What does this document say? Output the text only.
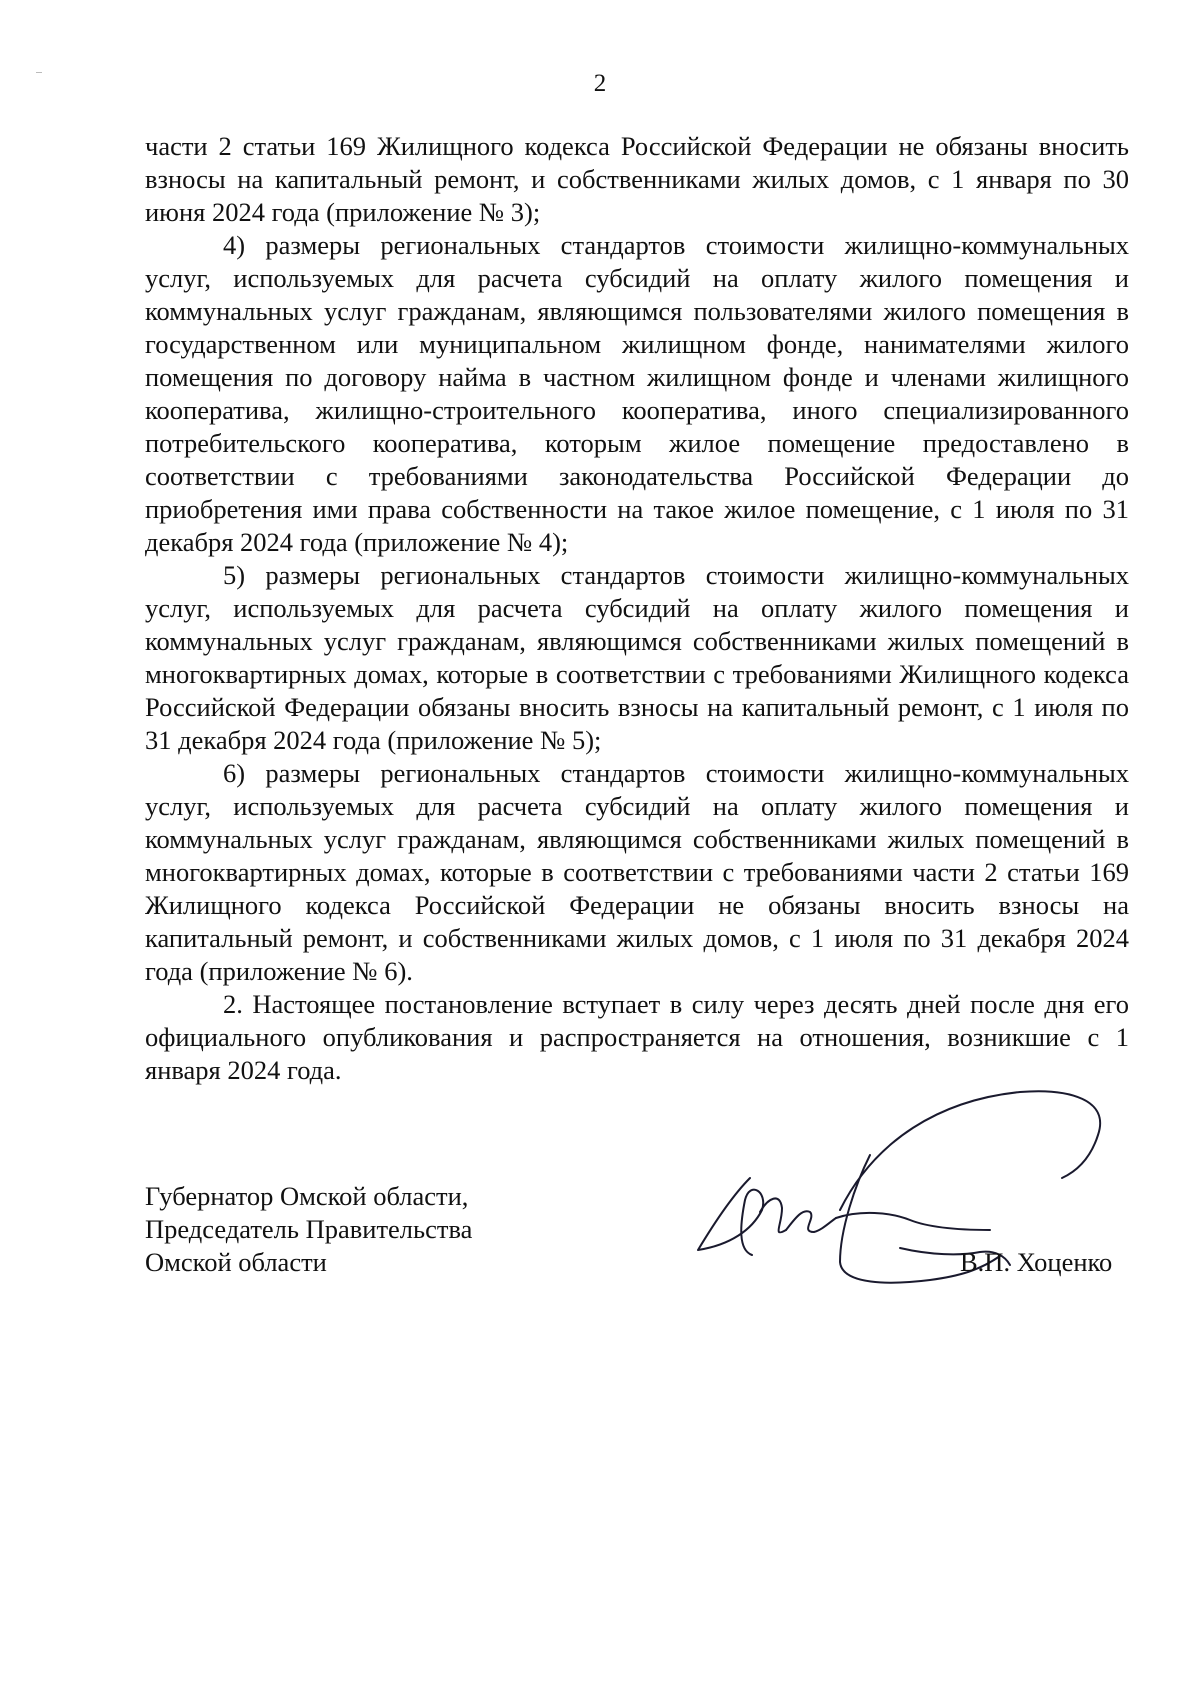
2

части 2 статьи 169 Жилищного кодекса Российской Федерации не обязаны вносить взносы на капитальный ремонт, и собственниками жилых домов, с 1 января по 30 июня 2024 года (приложение № 3);

4) размеры региональных стандартов стоимости жилищно-коммунальных услуг, используемых для расчета субсидий на оплату жилого помещения и коммунальных услуг гражданам, являющимся пользователями жилого помещения в государственном или муниципальном жилищном фонде, нанимателями жилого помещения по договору найма в частном жилищном фонде и членами жилищного кооператива, жилищно-строительного кооператива, иного специализированного потребительского кооператива, которым жилое помещение предоставлено в соответствии с требованиями законодательства Российской Федерации до приобретения ими права собственности на такое жилое помещение, с 1 июля по 31 декабря 2024 года (приложение № 4);

5) размеры региональных стандартов стоимости жилищно-коммунальных услуг, используемых для расчета субсидий на оплату жилого помещения и коммунальных услуг гражданам, являющимся собственниками жилых помещений в многоквартирных домах, которые в соответствии с требованиями Жилищного кодекса Российской Федерации обязаны вносить взносы на капитальный ремонт, с 1 июля по 31 декабря 2024 года (приложение № 5);

6) размеры региональных стандартов стоимости жилищно-коммунальных услуг, используемых для расчета субсидий на оплату жилого помещения и коммунальных услуг гражданам, являющимся собственниками жилых помещений в многоквартирных домах, которые в соответствии с требованиями части 2 статьи 169 Жилищного кодекса Российской Федерации не обязаны вносить взносы на капитальный ремонт, и собственниками жилых домов, с 1 июля по 31 декабря 2024 года (приложение № 6).

2. Настоящее постановление вступает в силу через десять дней после дня его официального опубликования и распространяется на отношения, возникшие с 1 января 2024 года.

Губернатор Омской области,
Председатель Правительства
Омской области	В.П. Хоценко
